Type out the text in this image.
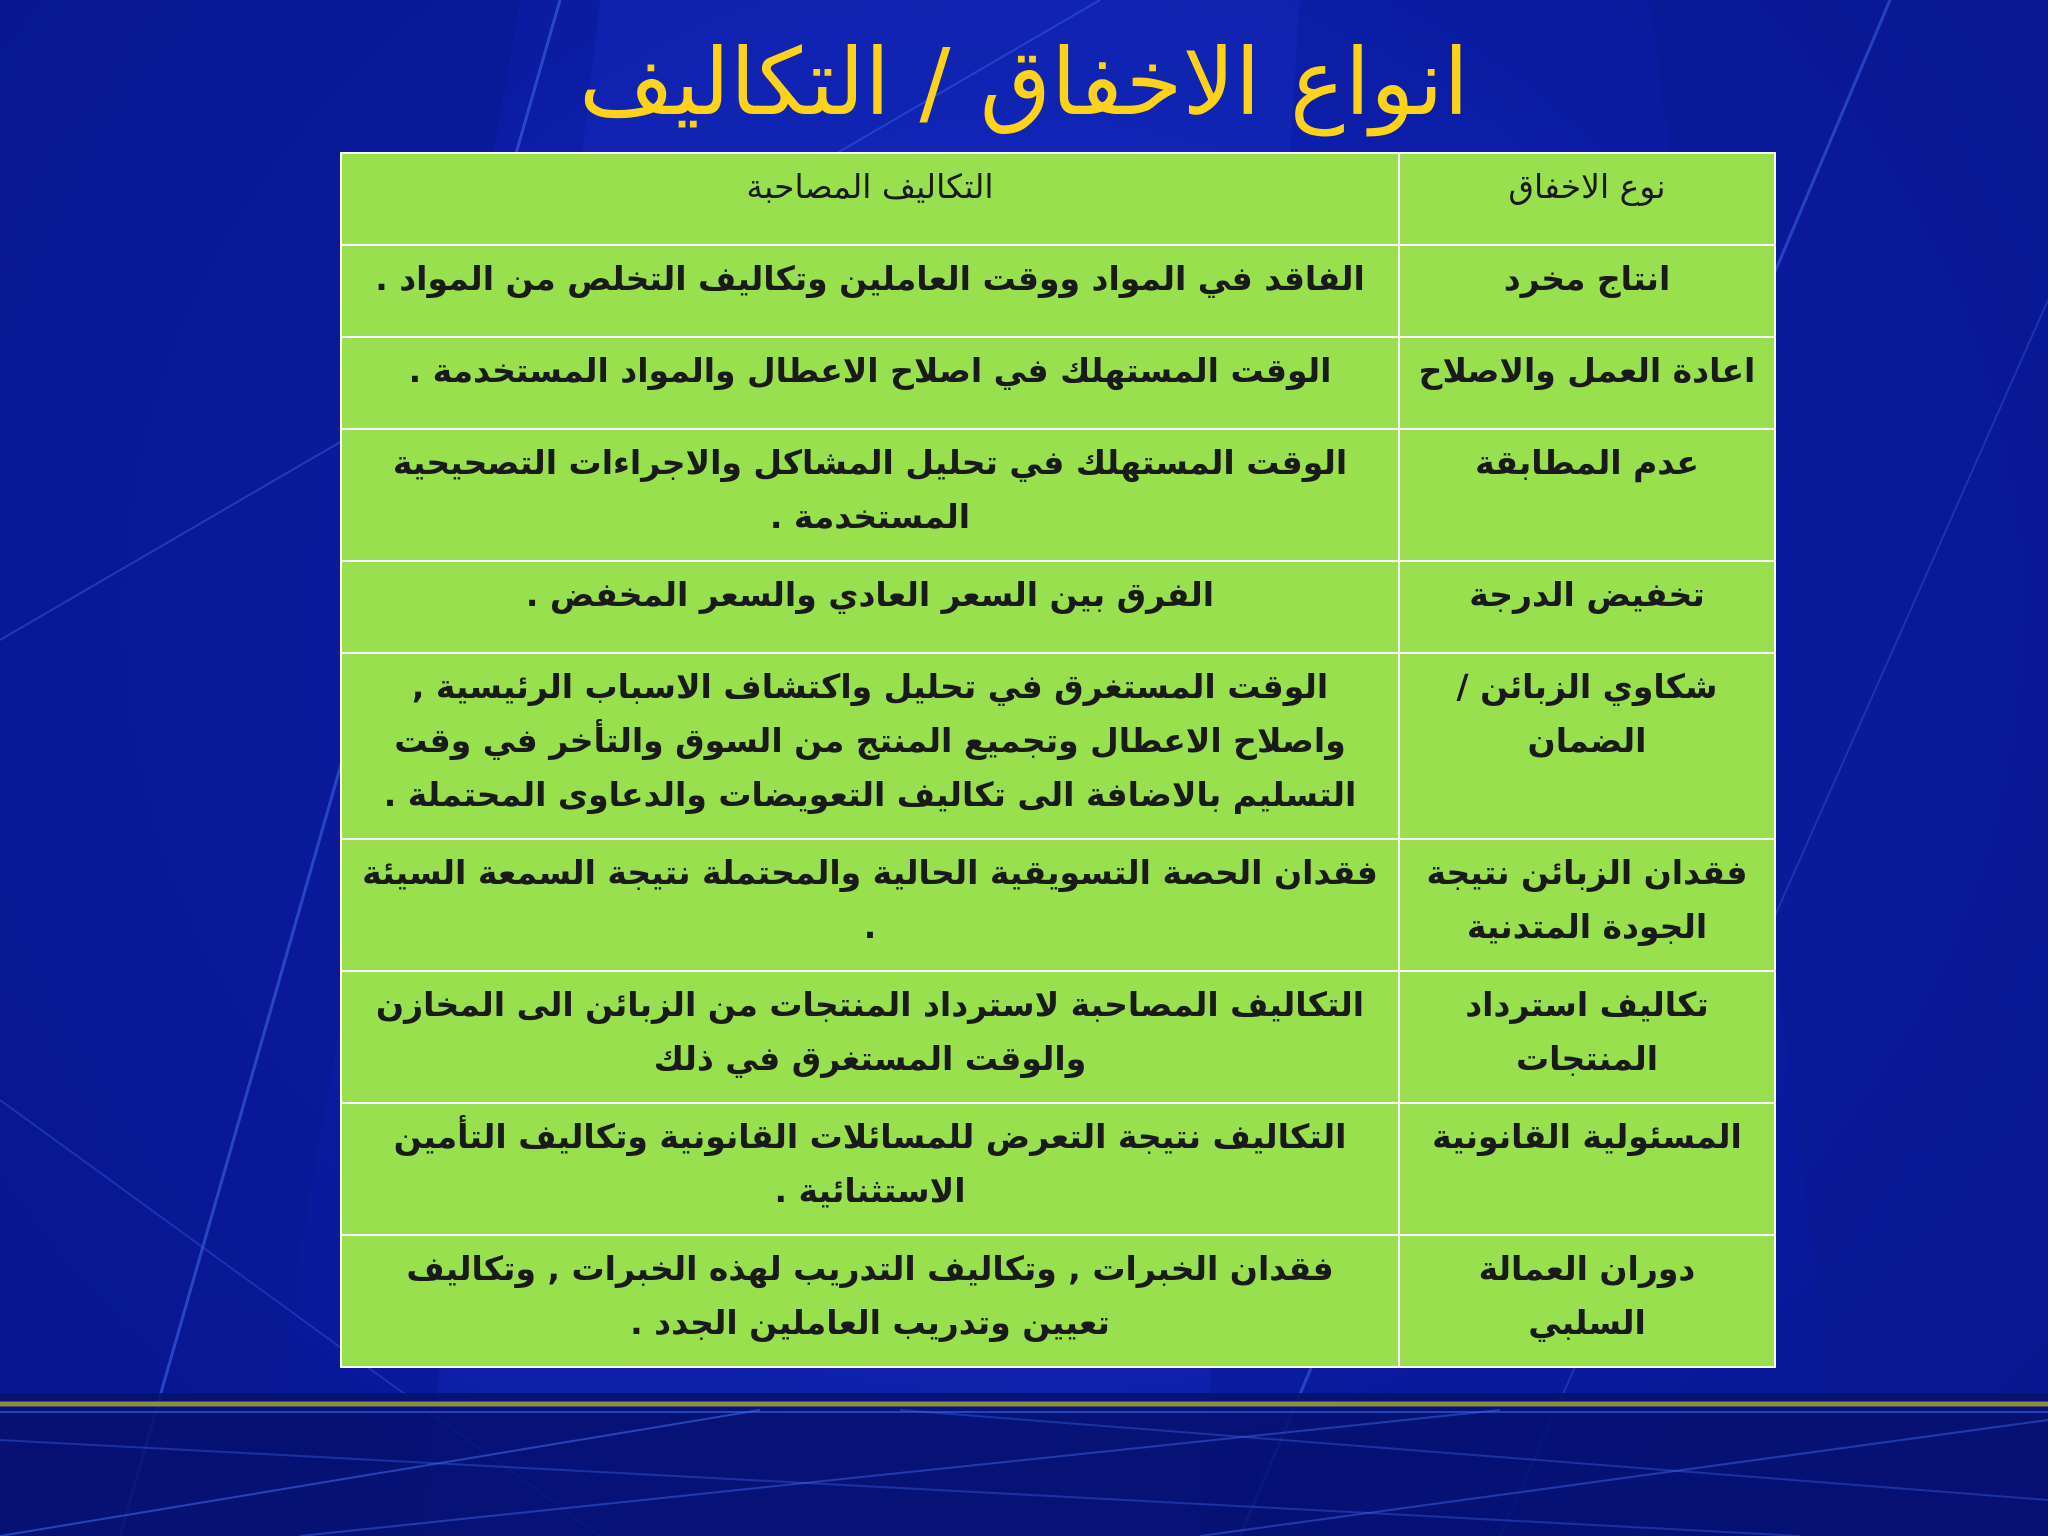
انواع الاخفاق / التكاليف
نوع الاخفاق	التكاليف المصاحبة
انتاج مخرد	الفاقد في المواد ووقت العاملين وتكاليف التخلص من المواد .
اعادة العمل والاصلاح	الوقت المستهلك في اصلاح الاعطال والمواد المستخدمة .
عدم المطابقة	الوقت المستهلك في تحليل المشاكل والاجراءات التصحيحية المستخدمة .
تخفيض الدرجة	الفرق بين السعر العادي والسعر المخفض .
شكاوي الزبائن / الضمان	الوقت المستغرق في تحليل واكتشاف الاسباب الرئيسية , واصلاح الاعطال وتجميع المنتج من السوق والتأخر في وقت التسليم بالاضافة الى تكاليف التعويضات والدعاوى المحتملة .
فقدان الزبائن نتيجة الجودة المتدنية	فقدان الحصة التسويقية الحالية والمحتملة نتيجة السمعة السيئة .
تكاليف استرداد المنتجات	التكاليف المصاحبة لاسترداد المنتجات من الزبائن الى المخازن والوقت المستغرق في ذلك
المسئولية القانونية	التكاليف نتيجة التعرض للمسائلات القانونية وتكاليف التأمين الاستثنائية .
دوران العمالة السلبي	فقدان الخبرات , وتكاليف التدريب لهذه الخبرات , وتكاليف تعيين وتدريب العاملين الجدد .
